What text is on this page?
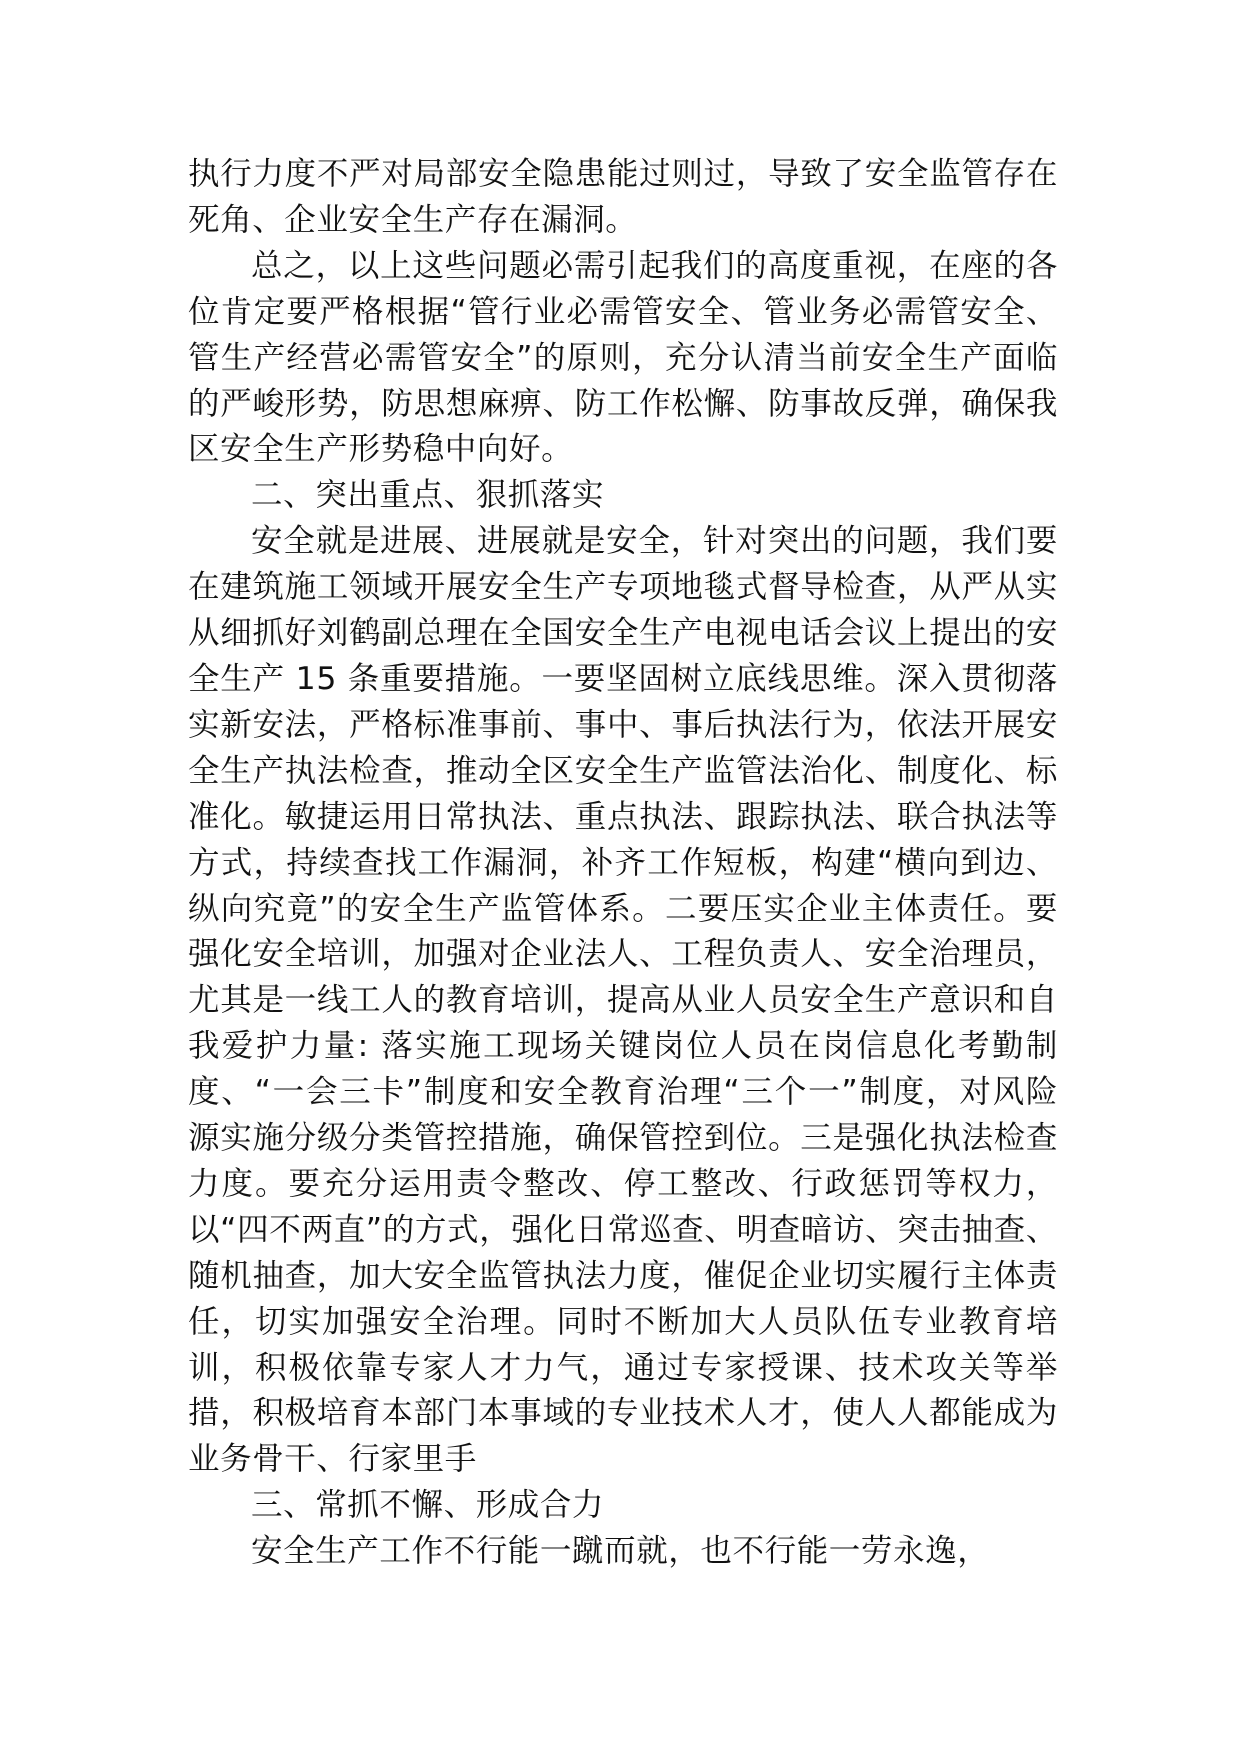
执行力度不严对局部安全隐患能过则过，导致了安全监管存在死角、企业安全生产存在漏洞。

总之，以上这些问题必需引起我们的高度重视，在座的各位肯定要严格根据“管行业必需管安全、管业务必需管安全、管生产经营必需管安全”的原则，充分认清当前安全生产面临的严峻形势，防思想麻痹、防工作松懈、防事故反弹，确保我区安全生产形势稳中向好。

二、突出重点、狠抓落实

安全就是进展、进展就是安全，针对突出的问题，我们要在建筑施工领域开展安全生产专项地毯式督导检查，从严从实从细抓好刘鹤副总理在全国安全生产电视电话会议上提出的安全生产 15 条重要措施。一要坚固树立底线思维。深入贯彻落实新安法，严格标准事前、事中、事后执法行为，依法开展安全生产执法检查，推动全区安全生产监管法治化、制度化、标准化。敏捷运用日常执法、重点执法、跟踪执法、联合执法等方式，持续查找工作漏洞，补齐工作短板，构建“横向到边、纵向究竟”的安全生产监管体系。二要压实企业主体责任。要强化安全培训，加强对企业法人、工程负责人、安全治理员，尤其是一线工人的教育培训，提高从业人员安全生产意识和自我爱护力量: 落实施工现场关键岗位人员在岗信息化考勤制度、“一会三卡”制度和安全教育治理“三个一”制度，对风险源实施分级分类管控措施，确保管控到位。三是强化执法检查力度。要充分运用责令整改、停工整改、行政惩罚等权力，以“四不两直”的方式，强化日常巡查、明查暗访、突击抽查、随机抽查，加大安全监管执法力度，催促企业切实履行主体责任，切实加强安全治理。同时不断加大人员队伍专业教育培训，积极依靠专家人才力气，通过专家授课、技术攻关等举措，积极培育本部门本事域的专业技术人才，使人人都能成为业务骨干、行家里手

三、常抓不懈、形成合力

安全生产工作不行能一蹴而就，也不行能一劳永逸，
